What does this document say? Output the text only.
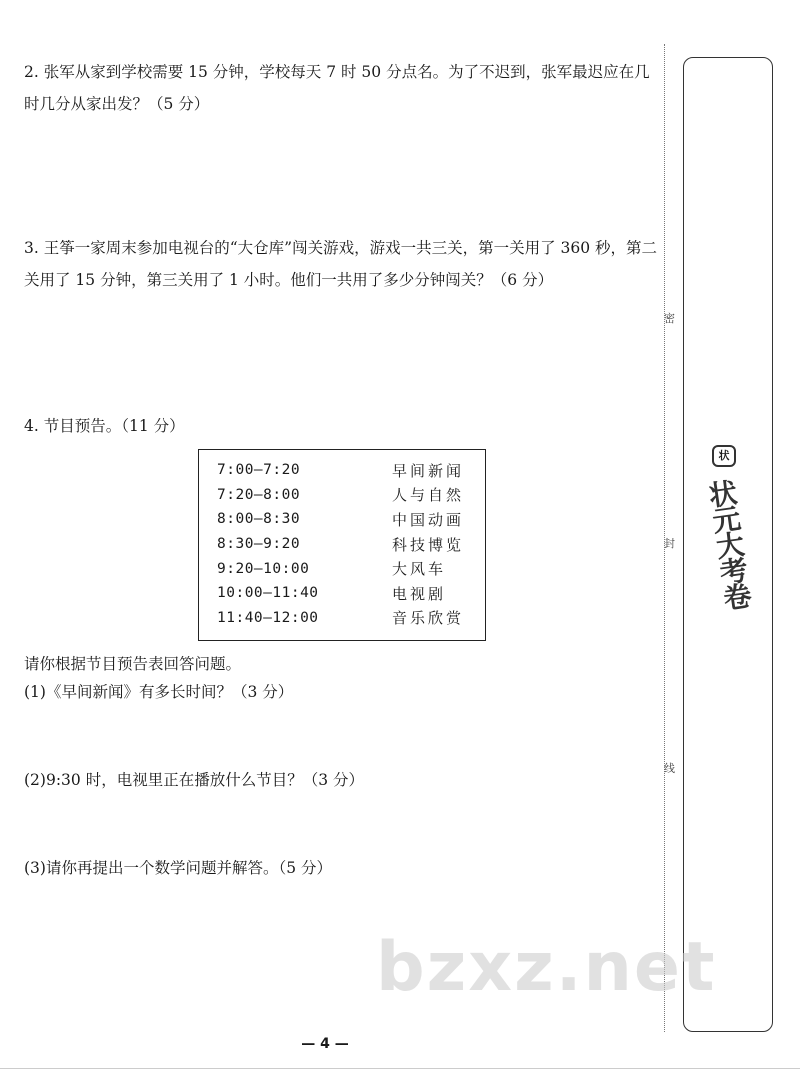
2. 张军从家到学校需要 15 分钟，学校每天 7 时 50 分点名。为了不迟到，张军最迟应在几时几分从家出发？（5 分）
3. 王筝一家周末参加电视台的“大仓库”闯关游戏，游戏一共三关，第一关用了 360 秒，第二关用了 15 分钟，第三关用了 1 小时。他们一共用了多少分钟闯关？（6 分）
4. 节目预告。（11 分）
7:00—7:20	早间新闻
7:20—8:00	人与自然
8:00—8:30	中国动画
8:30—9:20	科技博览
9:20—10:00	大风车
10:00—11:40	电视剧
11:40—12:00	音乐欣赏
请你根据节目预告表回答问题。
(1)《早间新闻》有多长时间？（3 分）
(2)9:30 时，电视里正在播放什么节目？（3 分）
(3)请你再提出一个数学问题并解答。（5 分）
密
封
线
状
状元大考卷
— 4 —
bzxz.net
